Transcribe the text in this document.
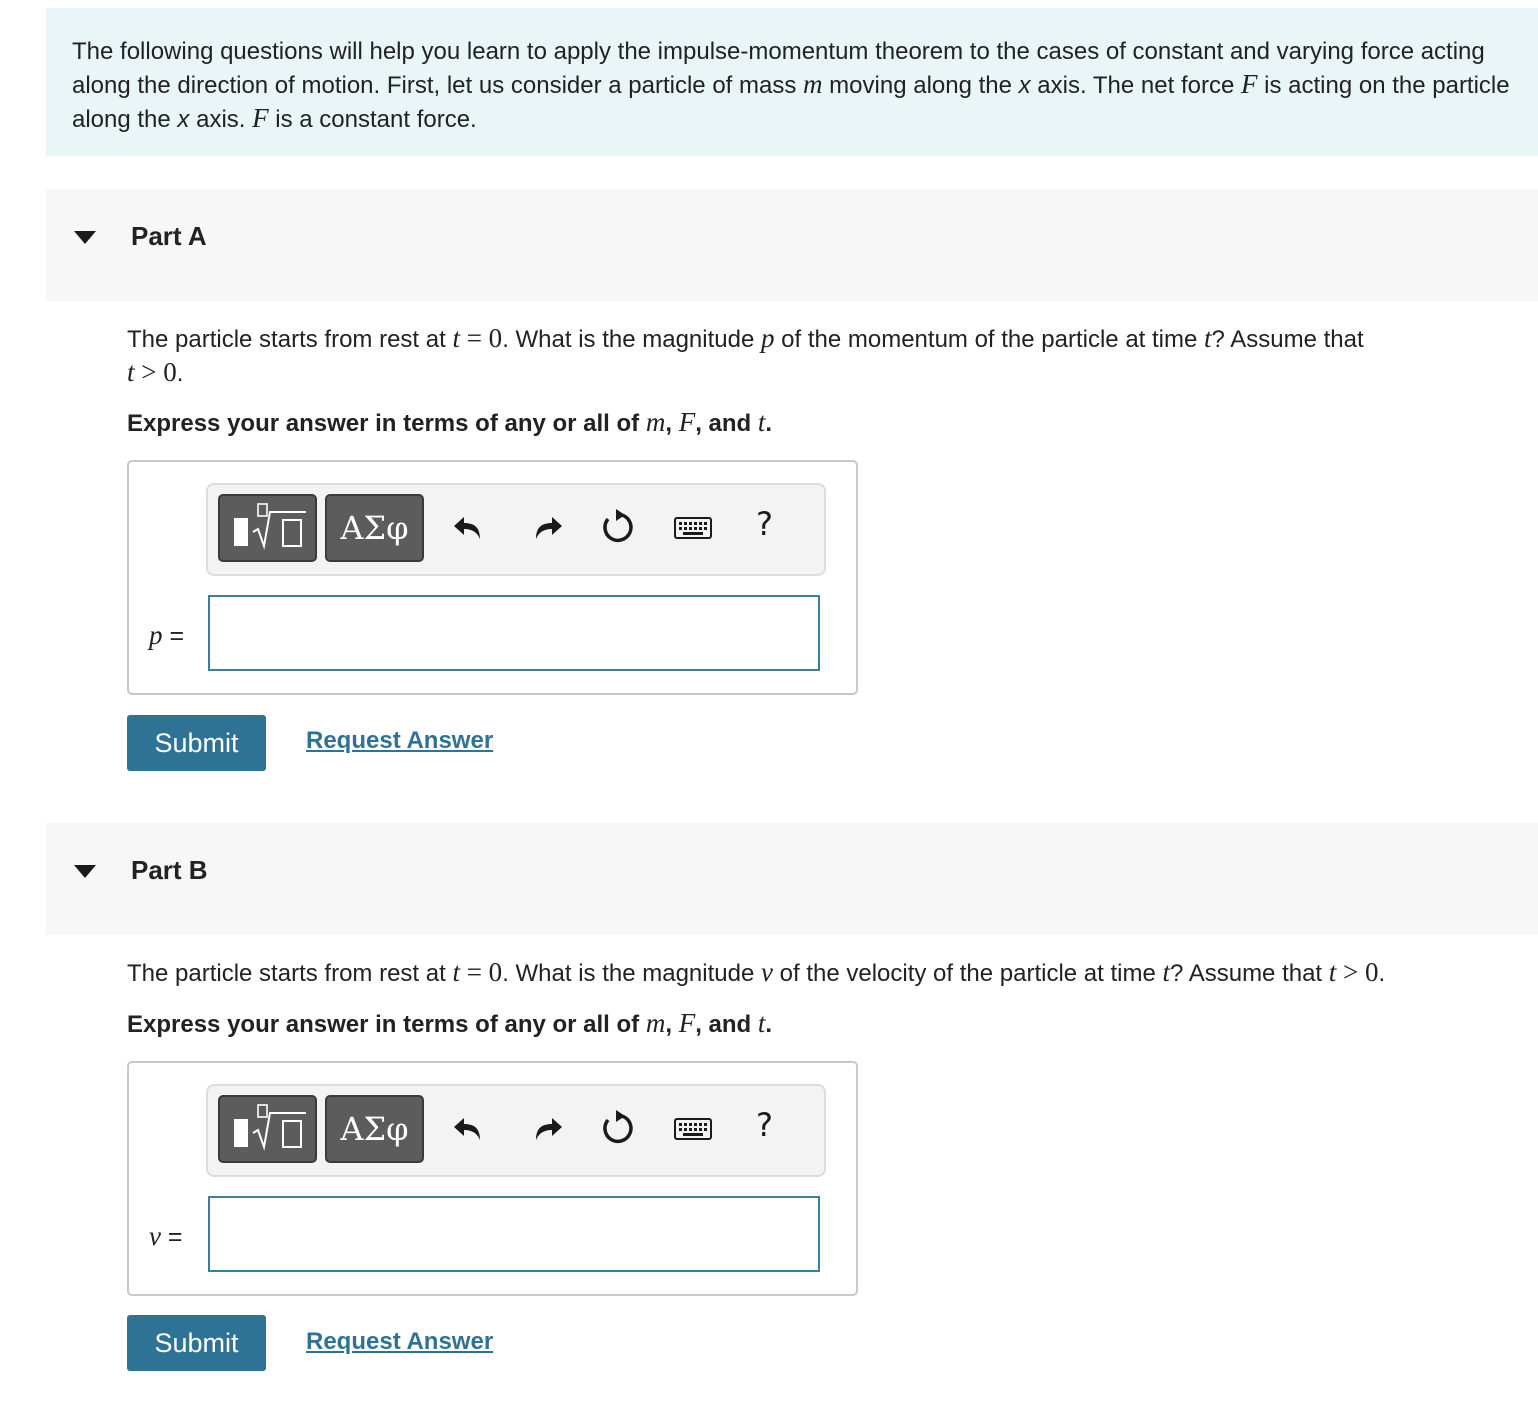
The following questions will help you learn to apply the impulse-momentum theorem to the cases of constant and varying force acting along the direction of motion. First, let us consider a particle of mass m moving along the x axis. The net force F is acting on the particle along the x axis. F is a constant force.
Part A
The particle starts from rest at t = 0. What is the magnitude p of the momentum of the particle at time t? Assume that
t > 0.
Express your answer in terms of any or all of m, F, and t.
ΑΣφ	?
p =
Submit	Request Answer
Part B
The particle starts from rest at t = 0. What is the magnitude v of the velocity of the particle at time t? Assume that t > 0.
Express your answer in terms of any or all of m, F, and t.
ΑΣφ	?
v =
Submit	Request Answer
